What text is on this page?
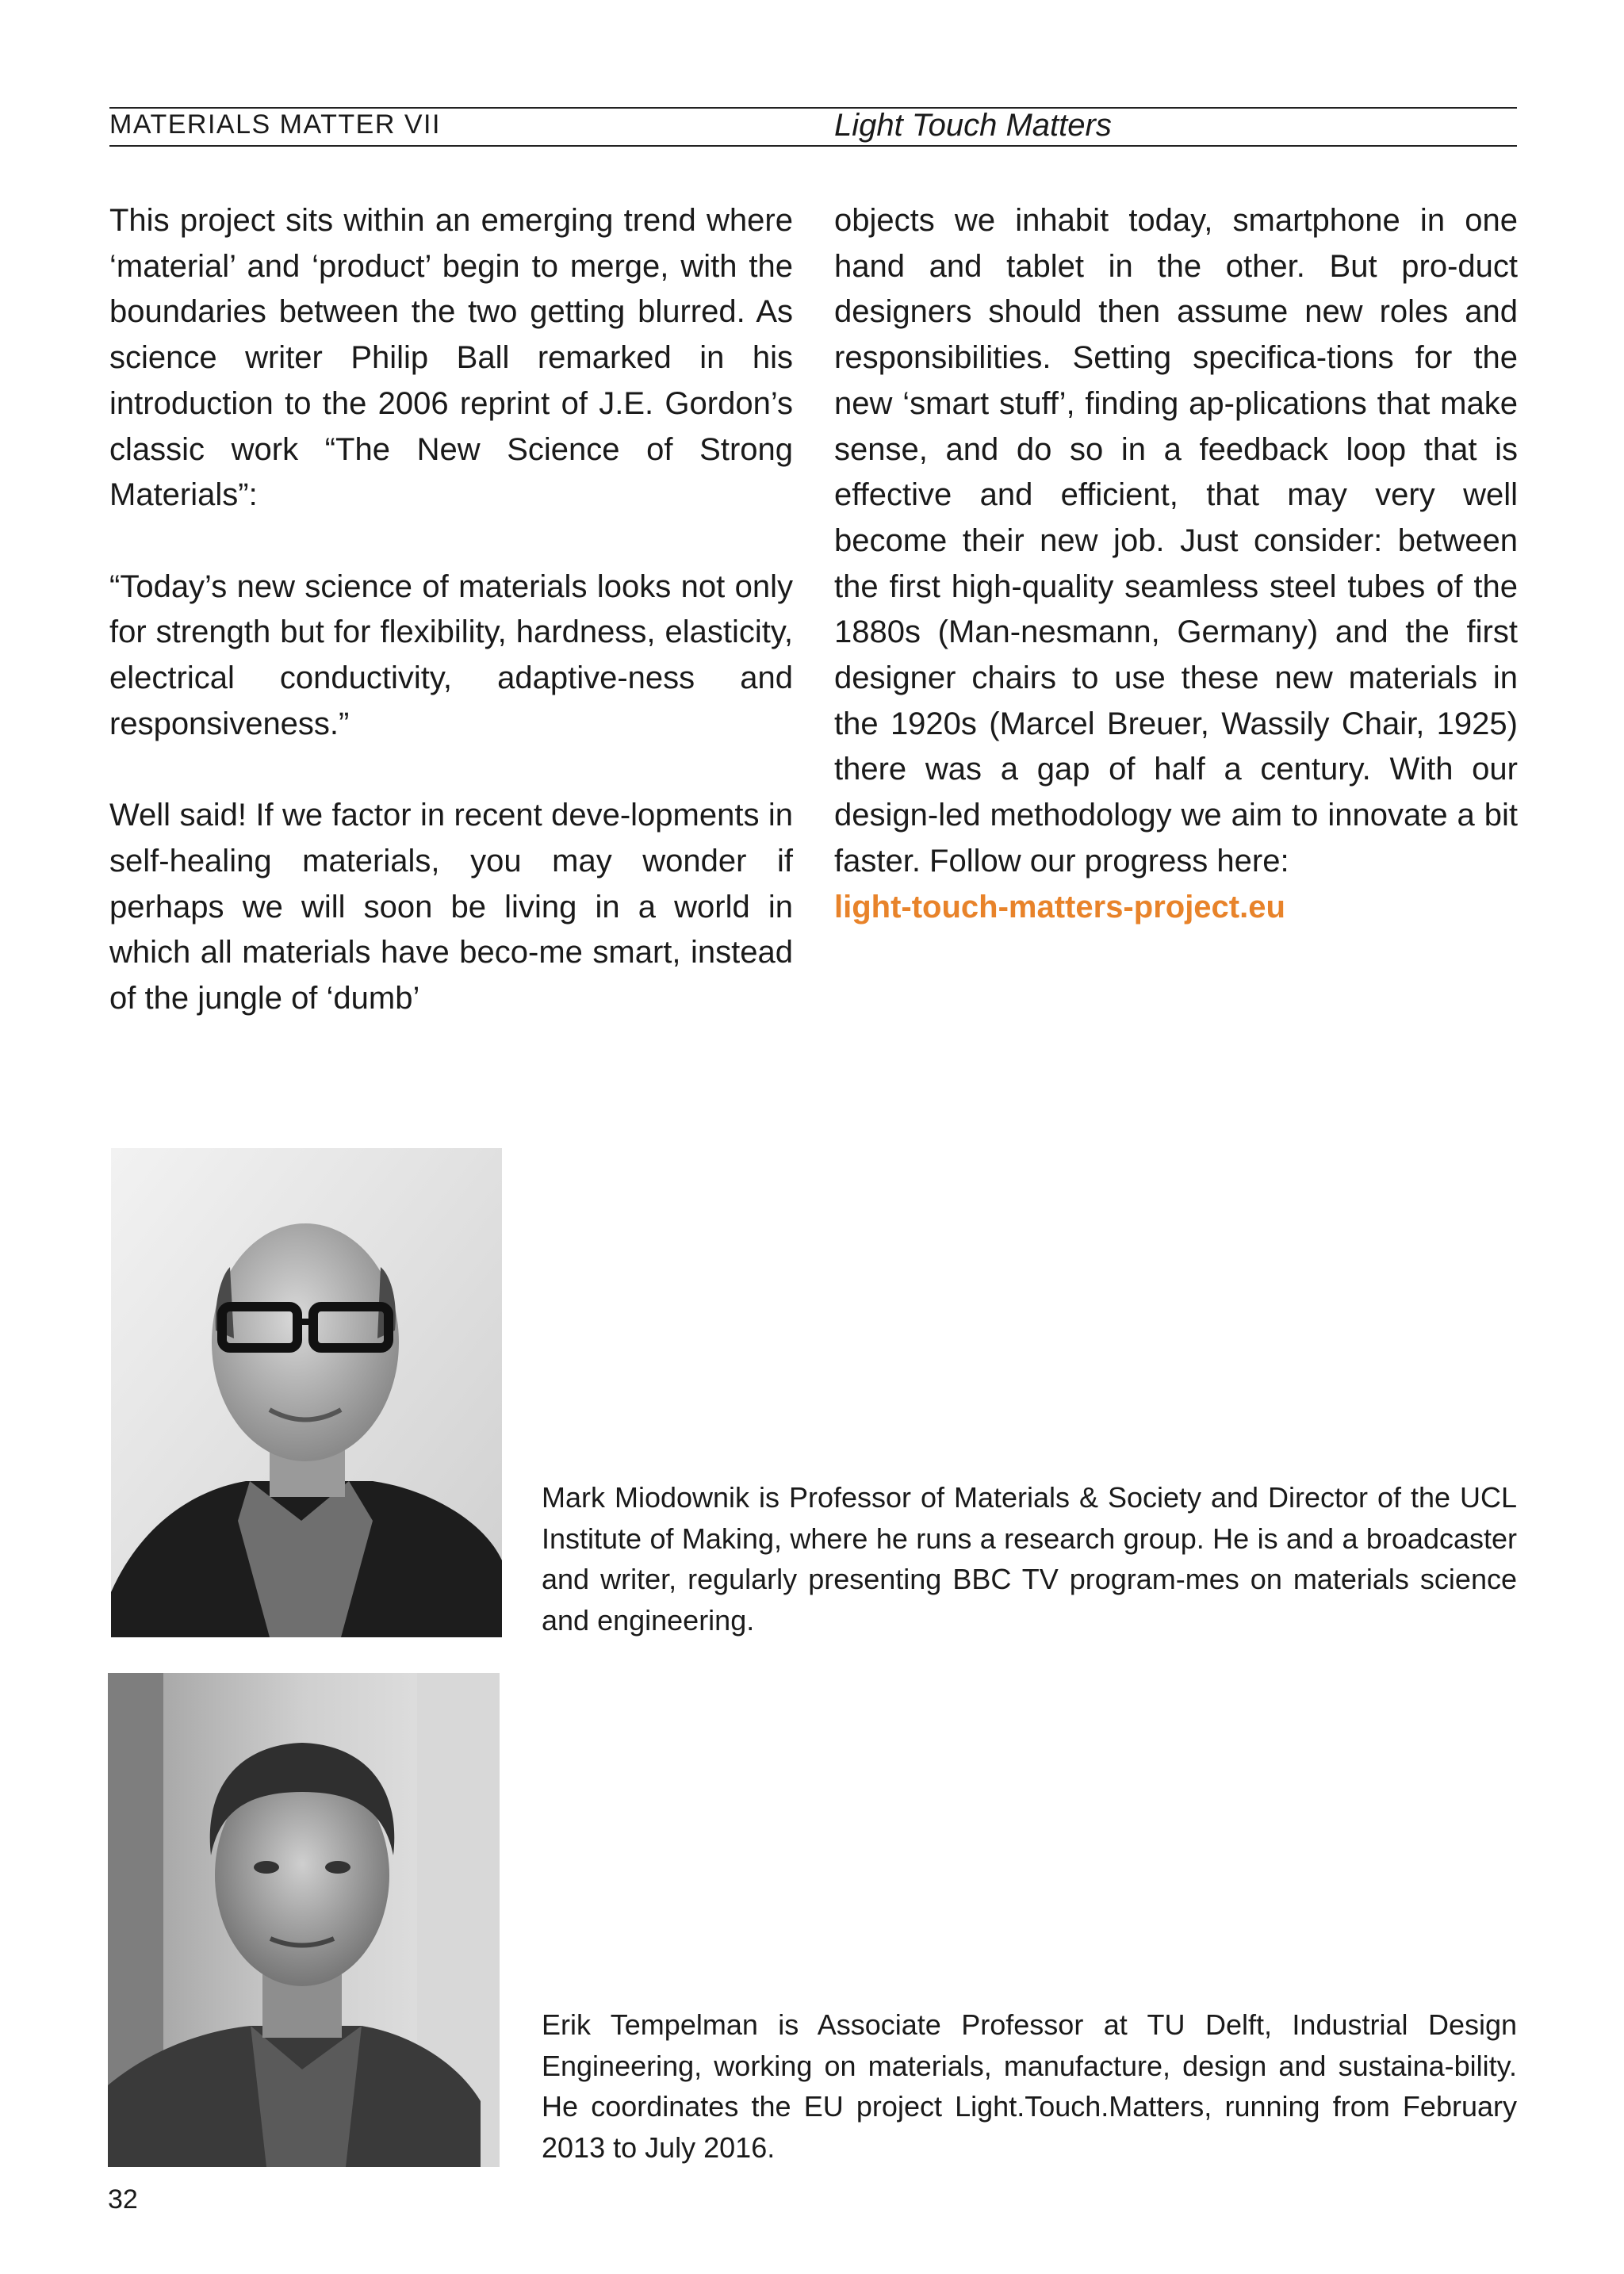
MATERIALS MATTER VII	Light Touch Matters

This project sits within an emerging trend where ‘material’ and ‘product’ begin to merge, with the boundaries between the two getting blurred. As science writer Philip Ball remarked in his introduction to the 2006 reprint of J.E. Gordon’s classic work “The New Science of Strong Materials”:

“Today’s new science of materials looks not only for strength but for flexibility, hardness, elasticity, electrical conductivity, adaptive-ness and responsiveness.”

Well said! If we factor in recent deve-lopments in self-healing materials, you may wonder if perhaps we will soon be living in a world in which all materials have beco-me smart, instead of the jungle of ‘dumb’

objects we inhabit today, smartphone in one hand and tablet in the other. But pro-duct designers should then assume new roles and responsibilities. Setting specifica-tions for the new ‘smart stuff’, finding ap-plications that make sense, and do so in a feedback loop that is effective and efficient, that may very well become their new job. Just consider: between the first high-quality seamless steel tubes of the 1880s (Man-nesmann, Germany) and the first designer chairs to use these new materials in the 1920s (Marcel Breuer, Wassily Chair, 1925) there was a gap of half a century. With our design-led methodology we aim to innovate a bit faster. Follow our progress here:
light-touch-matters-project.eu

Mark Miodownik is Professor of Materials & Society and Director of the UCL Institute of Making, where he runs a research group. He is and a broadcaster and writer, regularly presenting BBC TV program-mes on materials science and engineering.
Erik Tempelman is Associate Professor at TU Delft, Industrial Design Engineering, working on materials, manufacture, design and sustaina-bility. He coordinates the EU project Light.Touch.Matters, running from February 2013 to July 2016.
32
